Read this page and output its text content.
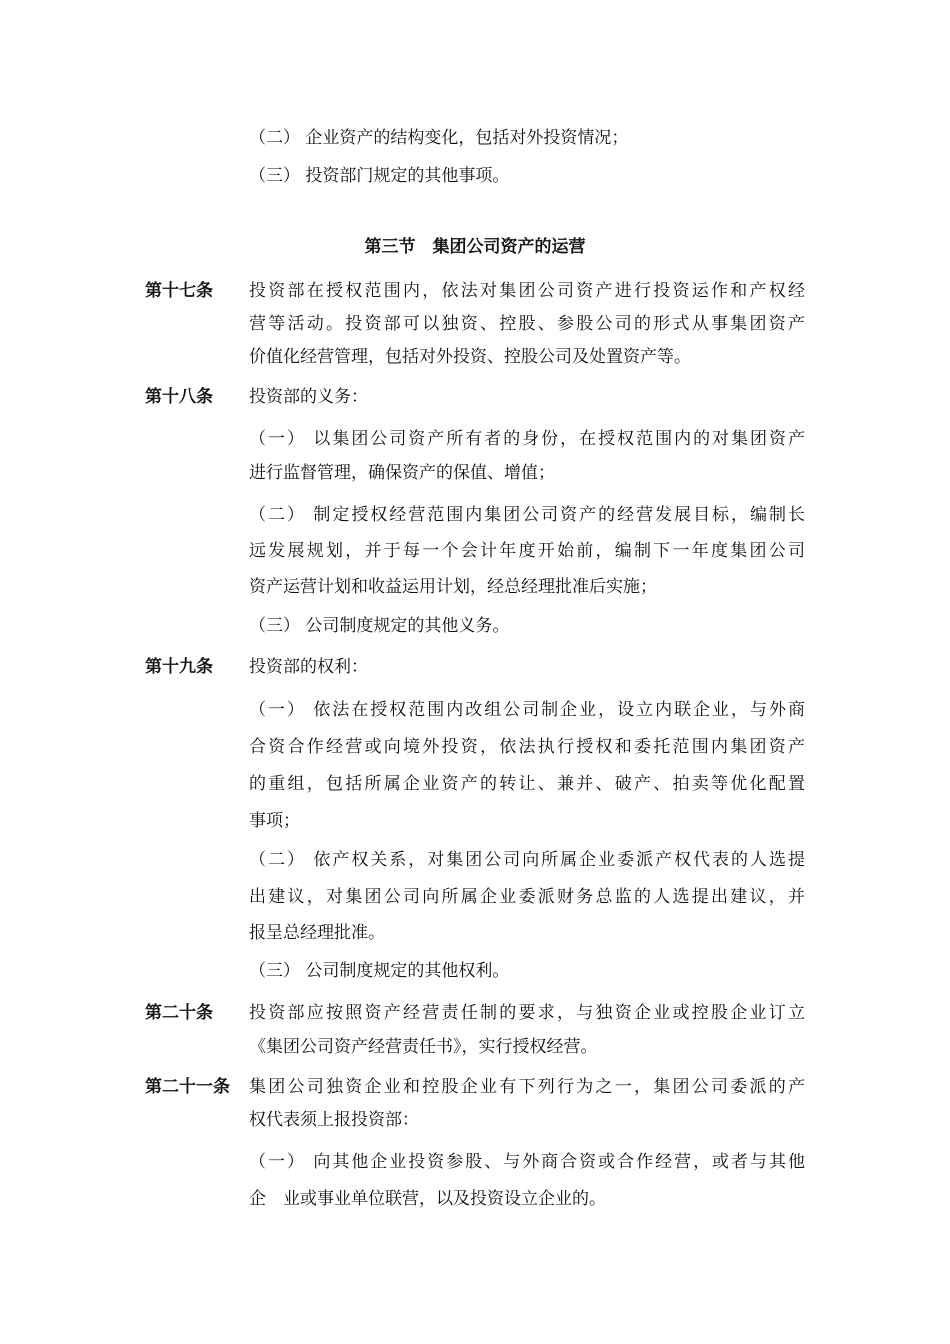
（二） 企业资产的结构变化，包括对外投资情况；
（三） 投资部门规定的其他事项。
第三节　集团公司资产的运营
第十七条 投资部在授权范围内，依法对集团公司资产进行投资运作和产权经
营等活动。投资部可以独资、控股、参股公司的形式从事集团资产
价值化经营管理，包括对外投资、控股公司及处置资产等。
第十八条 投资部的义务：
（一） 以集团公司资产所有者的身份，在授权范围内的对集团资产
进行监督管理，确保资产的保值、增值；
（二） 制定授权经营范围内集团公司资产的经营发展目标，编制长
远发展规划，并于每一个会计年度开始前，编制下一年度集团公司
资产运营计划和收益运用计划，经总经理批准后实施；
（三） 公司制度规定的其他义务。
第十九条 投资部的权利：
（一） 依法在授权范围内改组公司制企业，设立内联企业，与外商
合资合作经营或向境外投资，依法执行授权和委托范围内集团资产
的重组，包括所属企业资产的转让、兼并、破产、拍卖等优化配置
事项；
（二） 依产权关系，对集团公司向所属企业委派产权代表的人选提
出建议，对集团公司向所属企业委派财务总监的人选提出建议，并
报呈总经理批准。
（三） 公司制度规定的其他权利。
第二十条 投资部应按照资产经营责任制的要求，与独资企业或控股企业订立
《集团公司资产经营责任书》，实行授权经营。
第二十一条 集团公司独资企业和控股企业有下列行为之一，集团公司委派的产
权代表须上报投资部：
（一） 向其他企业投资参股、与外商合资或合作经营，或者与其他
企　业或事业单位联营，以及投资设立企业的。
